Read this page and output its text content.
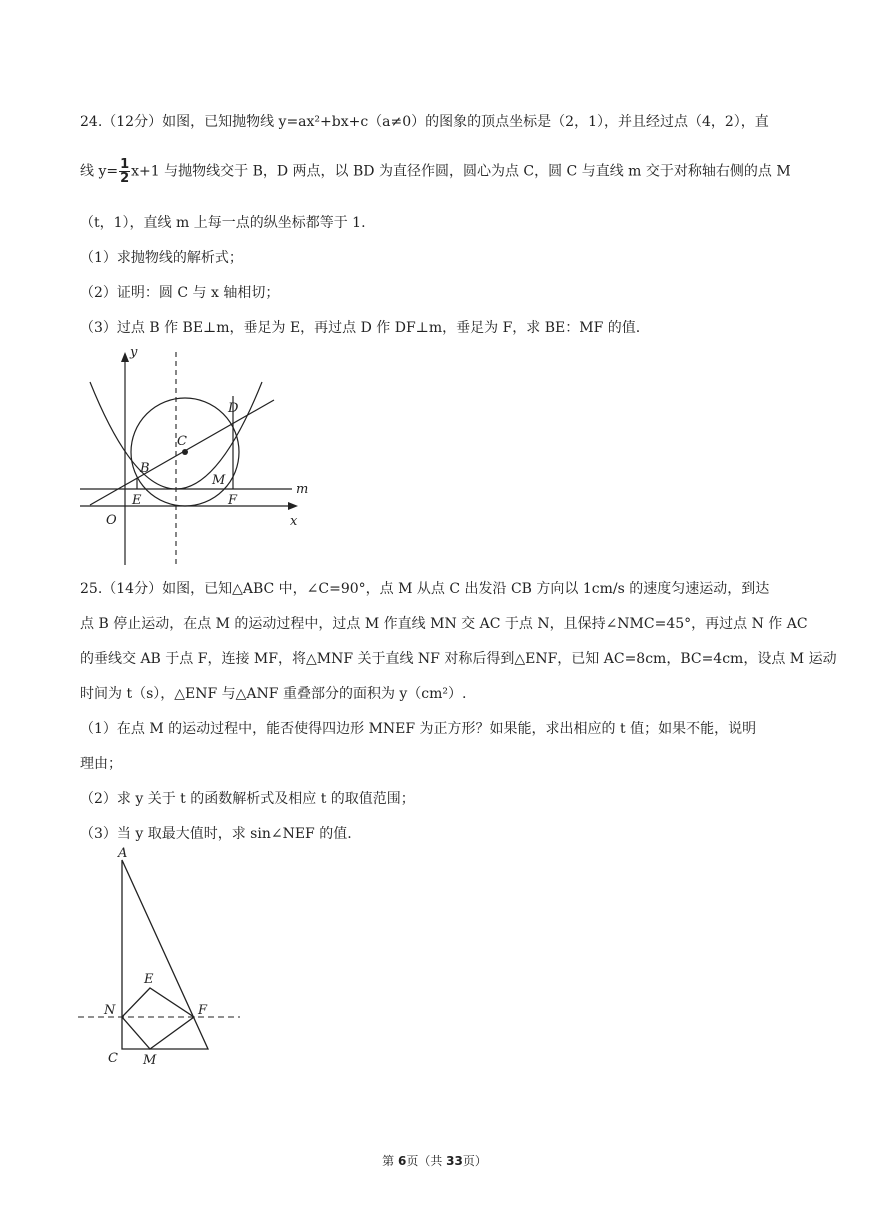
24.（12分）如图，已知抛物线 y=ax²+bx+c（a≠0）的图象的顶点坐标是（2，1），并且经过点（4，2），直
线 $y= \frac{1}{2} x+1$ 与抛物线交于 B，D 两点，以 BD 为直径作圆，圆心为点 C，圆 C 与直线 m 交于对称轴右侧的点 M
（t，1），直线 m 上每一点的纵坐标都等于 1.
（1）求抛物线的解析式；
（2）证明：圆 C 与 x 轴相切；
（3）过点 B 作 BE⊥m，垂足为 E，再过点 D 作 DF⊥m，垂足为 F，求 BE：MF 的值.
y
x
O
C
B
D
E	F
M
m
25.（14分）如图，已知△ABC 中，∠C=90°，点 M 从点 C 出发沿 CB 方向以 1cm/s 的速度匀速运动，到达
点 B 停止运动，在点 M 的运动过程中，过点 M 作直线 MN 交 AC 于点 N，且保持∠NMC=45°，再过点 N 作 AC
的垂线交 AB 于点 F，连接 MF，将△MNF 关于直线 NF 对称后得到△ENF，已知 AC=8cm，BC=4cm，设点 M 运动
时间为 t（s），△ENF 与△ANF 重叠部分的面积为 y（cm²）.
（1）在点 M 的运动过程中，能否使得四边形 MNEF 为正方形？如果能，求出相应的 t 值；如果不能，说明
理由；
（2）求 y 关于 t 的函数解析式及相应 t 的取值范围；
（3）当 y 取最大值时，求 sin∠NEF 的值.
A
E
N	F
C M
第 6页（共 33页）
